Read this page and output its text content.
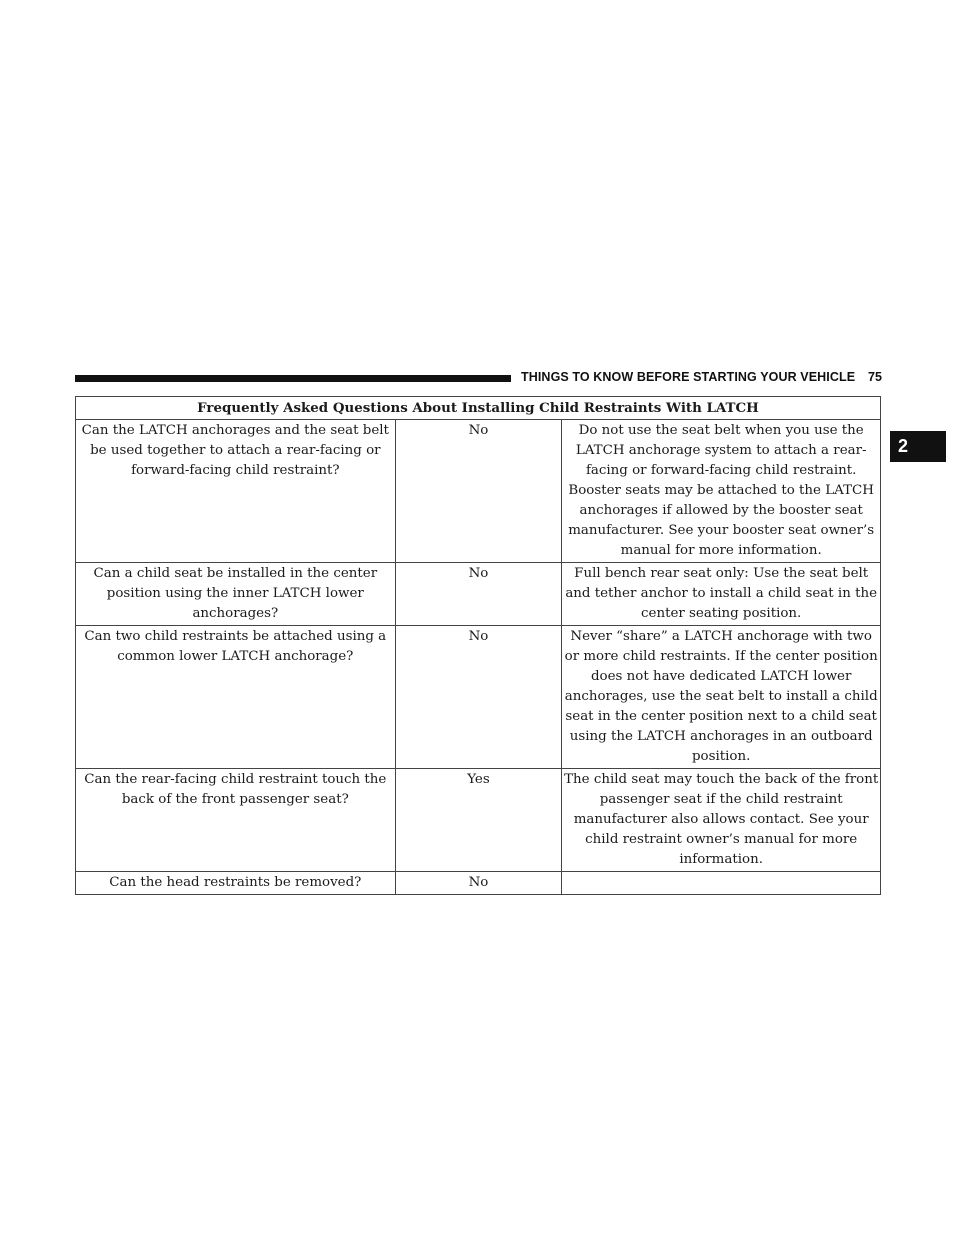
THINGS TO KNOW BEFORE STARTING YOUR VEHICLE 75
2
Frequently Asked Questions About Installing Child Restraints With LATCH		
Can the LATCH anchorages and the seat belt be used together to attach a rear-facing or forward-facing child restraint?	No	Do not use the seat belt when you use the LATCH anchorage system to attach a rear-facing or forward-facing child restraint. Booster seats may be attached to the LATCH anchorages if allowed by the booster seat manufacturer. See your booster seat owner’s manual for more information.
Can a child seat be installed in the center position using the inner LATCH lower anchorages?	No	Full bench rear seat only: Use the seat belt and tether anchor to install a child seat in the center seating position.
Can two child restraints be attached using a common lower LATCH anchorage?	No	Never “share” a LATCH anchorage with two or more child restraints. If the center position does not have dedicated LATCH lower anchorages, use the seat belt to install a child seat in the center position next to a child seat using the LATCH anchorages in an outboard position.
Can the rear-facing child restraint touch the back of the front passenger seat?	Yes	The child seat may touch the back of the front passenger seat if the child restraint manufacturer also allows contact. See your child restraint owner’s manual for more information.
Can the head restraints be removed?	No	
